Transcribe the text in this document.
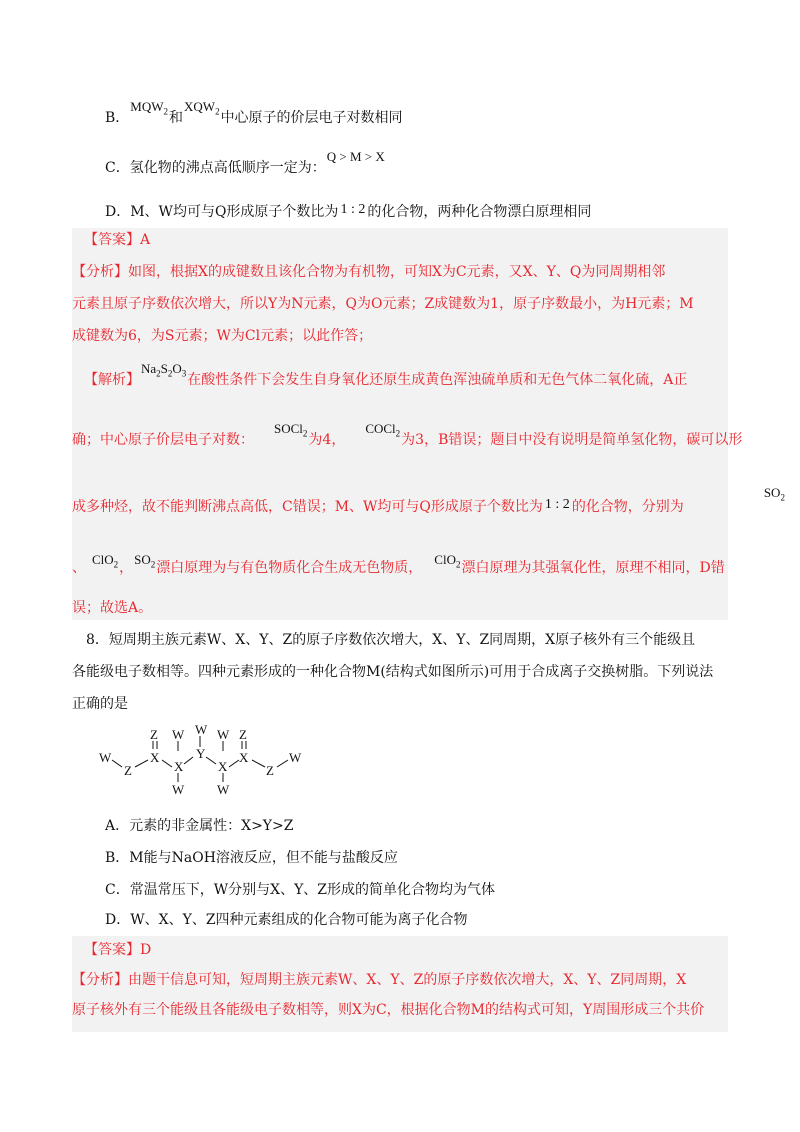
B．$MQW_2$和$XQW_2$中心原子的价层电子对数相同
C．氢化物的沸点高低顺序一定为：Q > M > X
D．M、W均可与Q形成原子个数比为 1 : 2 的化合物，两种化合物漂白原理相同
【答案】A
【分析】如图，根据X的成键数且该化合物为有机物，可知X为C元素，又X、Y、Q为同周期相邻
元素且原子序数依次增大，所以Y为N元素，Q为O元素；Z成键数为1，原子序数最小，为H元素；M
成键数为6，为S元素；W为Cl元素；以此作答；
【解析】$Na_2S_2O_3$在酸性条件下会发生自身氧化还原生成黄色浑浊硫单质和无色气体二氧化硫，A正
确；中心原子价层电子对数：SOCl$_2$为4，COCl$_2$为3，B错误；题目中没有说明是简单氢化物，碳可以形
成多种烃，故不能判断沸点高低，C错误；M、W均可与Q形成原子个数比为 1 : 2 的化合物，分别为$SO_2$
、ClO$_2$，$SO_2$漂白原理为与有色物质化合生成无色物质，ClO$_2$漂白原理为其强氧化性，原理不相同，D错
误；故选A。
8．短周期主族元素W、X、Y、Z的原子序数依次增大，X、Y、Z同周期，X原子核外有三个能级且
各能级电子数相等。四种元素形成的一种化合物M(结构式如图所示)可用于合成离子交换树脂。下列说法
正确的是
W
Z
Z
X
W
X
W
W
Y
W
X
W
Z
X
Z
W
A．元素的非金属性：X>Y>Z
B．M能与NaOH溶液反应，但不能与盐酸反应
C．常温常压下，W分别与X、Y、Z形成的简单化合物均为气体
D．W、X、Y、Z四种元素组成的化合物可能为离子化合物
【答案】D
【分析】由题干信息可知，短周期主族元素W、X、Y、Z的原子序数依次增大，X、Y、Z同周期，X
原子核外有三个能级且各能级电子数相等，则X为C，根据化合物M的结构式可知，Y周围形成三个共价
